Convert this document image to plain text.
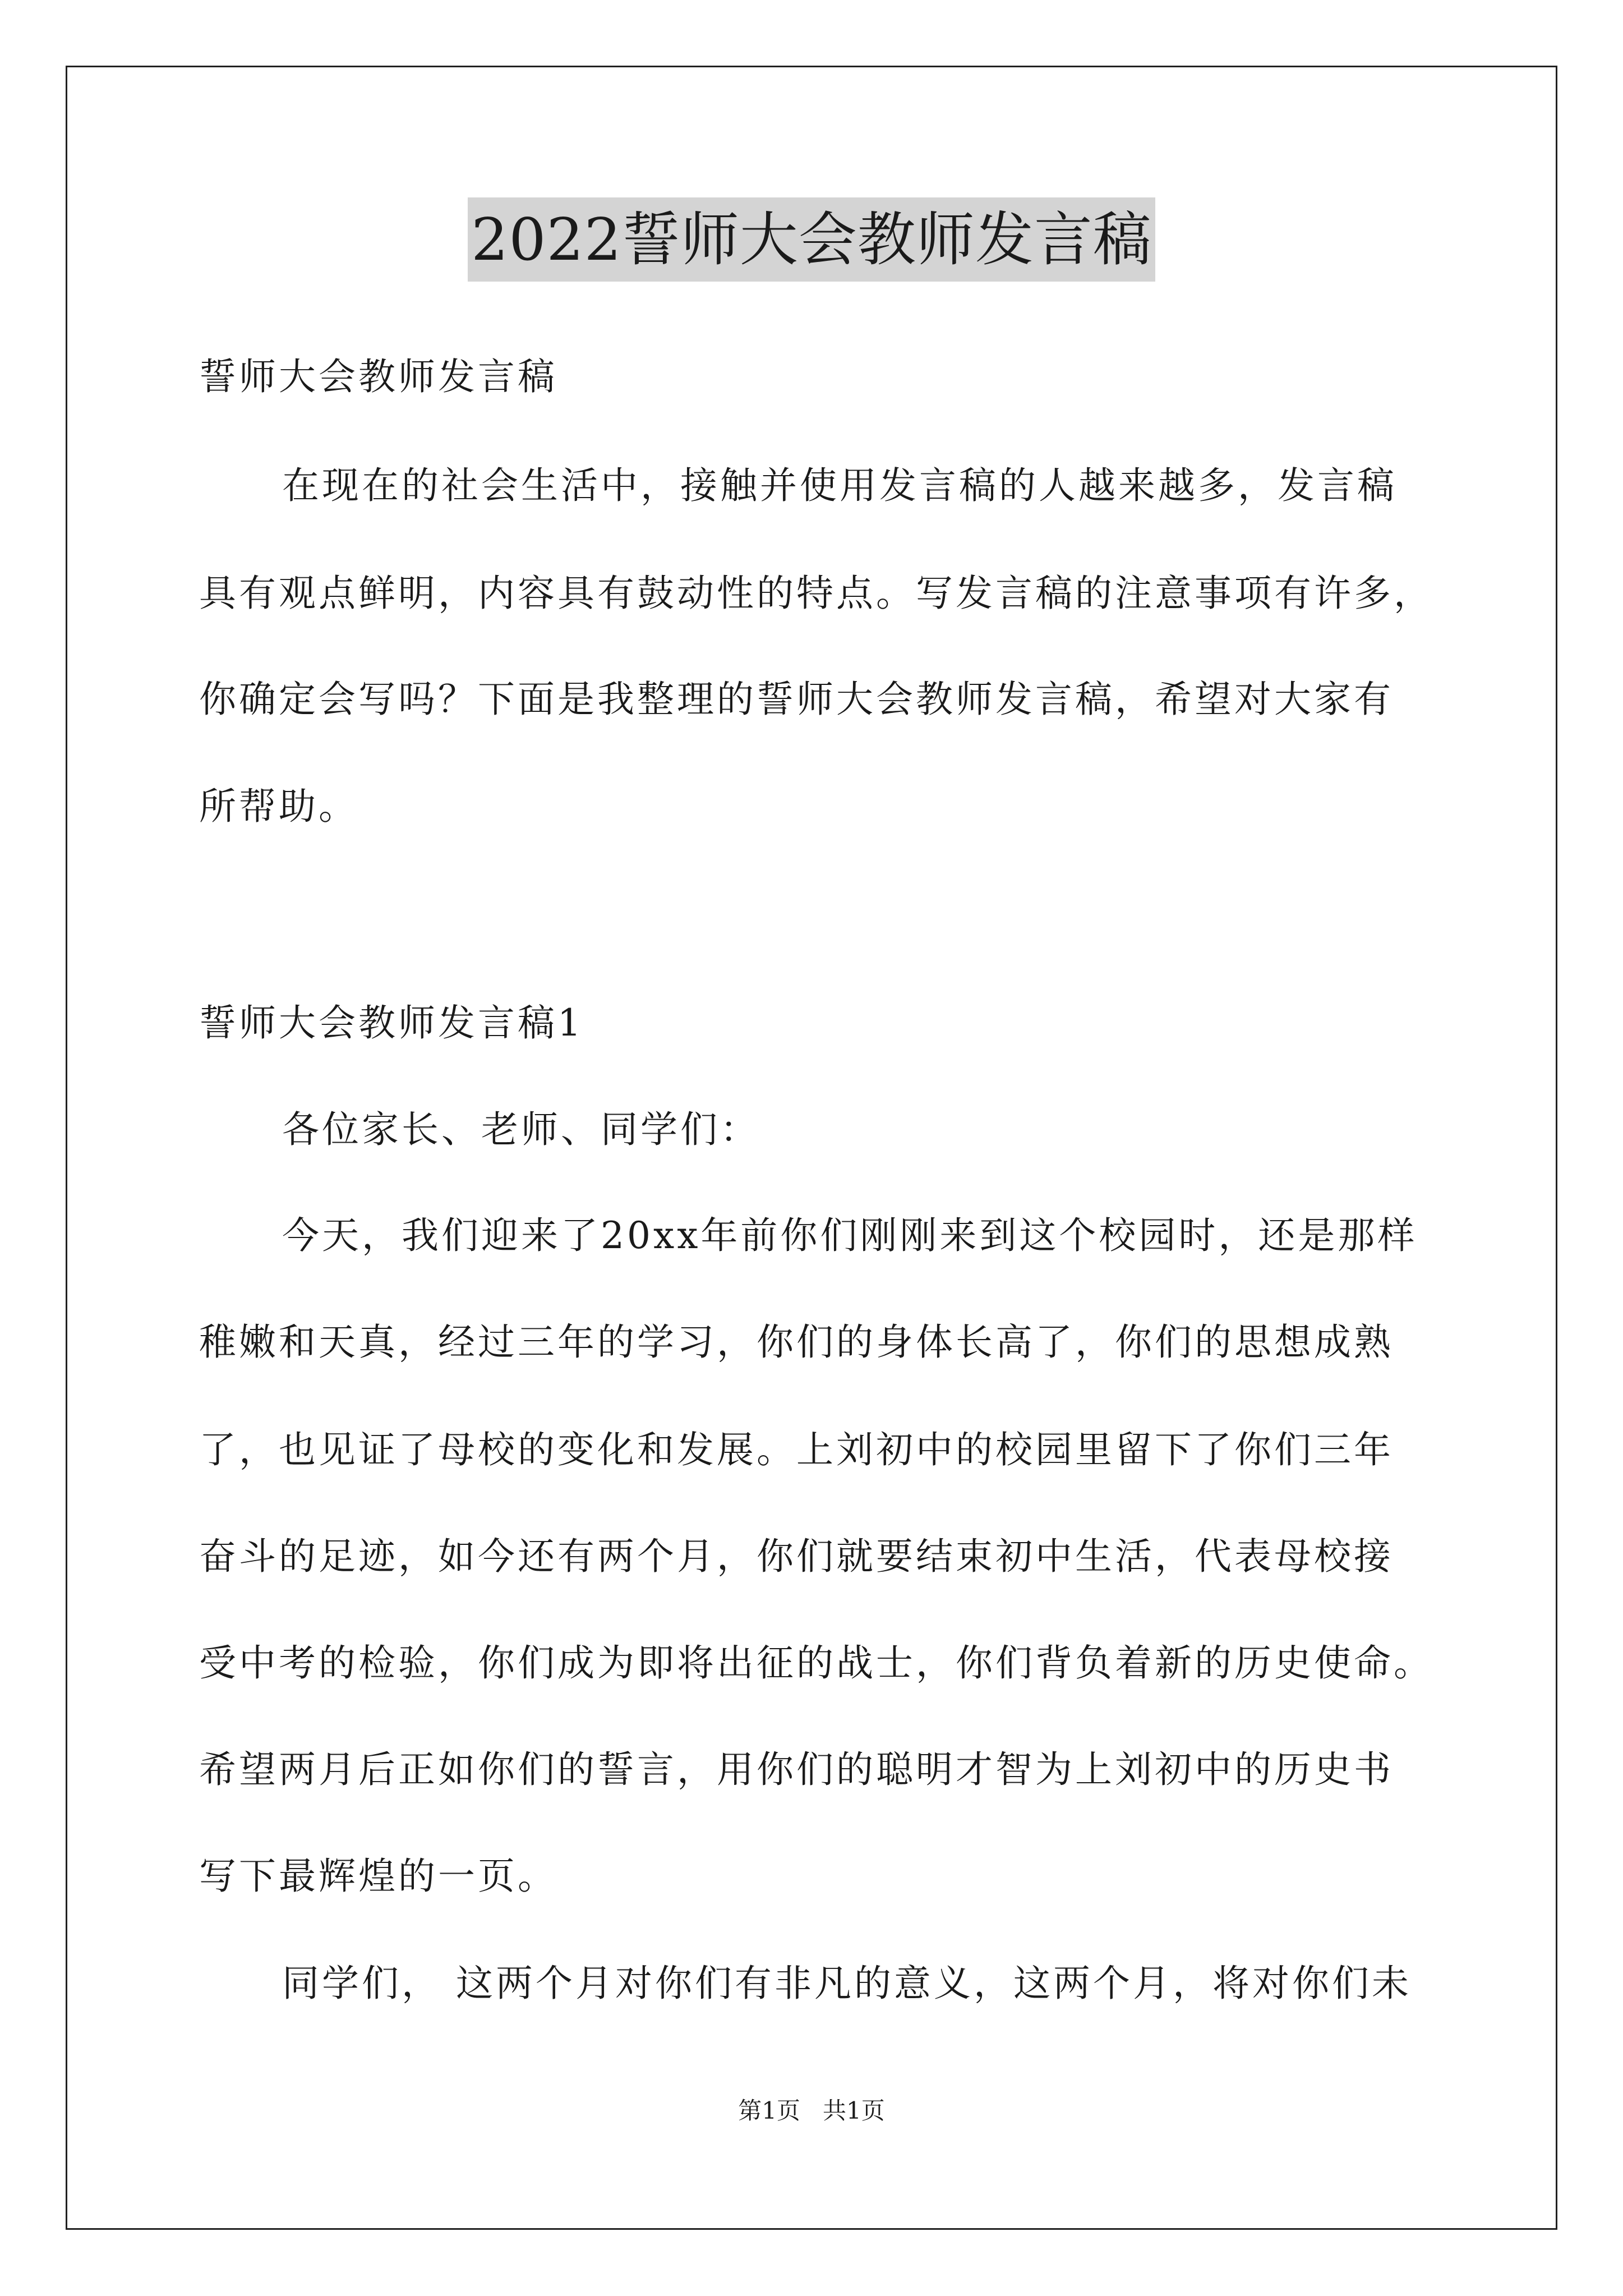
2022誓师大会教师发言稿
誓师大会教师发言稿
在现在的社会生活中，接触并使用发言稿的人越来越多，发言稿
具有观点鲜明，内容具有鼓动性的特点。写发言稿的注意事项有许多，
你确定会写吗？下面是我整理的誓师大会教师发言稿，希望对大家有
所帮助。
誓师大会教师发言稿1
各位家长、老师、同学们：
今天，我们迎来了20xx年前你们刚刚来到这个校园时，还是那样
稚嫩和天真，经过三年的学习，你们的身体长高了，你们的思想成熟
了，也见证了母校的变化和发展。上刘初中的校园里留下了你们三年
奋斗的足迹，如今还有两个月，你们就要结束初中生活，代表母校接
受中考的检验，你们成为即将出征的战士，你们背负着新的历史使命。
希望两月后正如你们的誓言，用你们的聪明才智为上刘初中的历史书
写下最辉煌的一页。
同学们， 这两个月对你们有非凡的意义，这两个月，将对你们未
第1页   共1页
